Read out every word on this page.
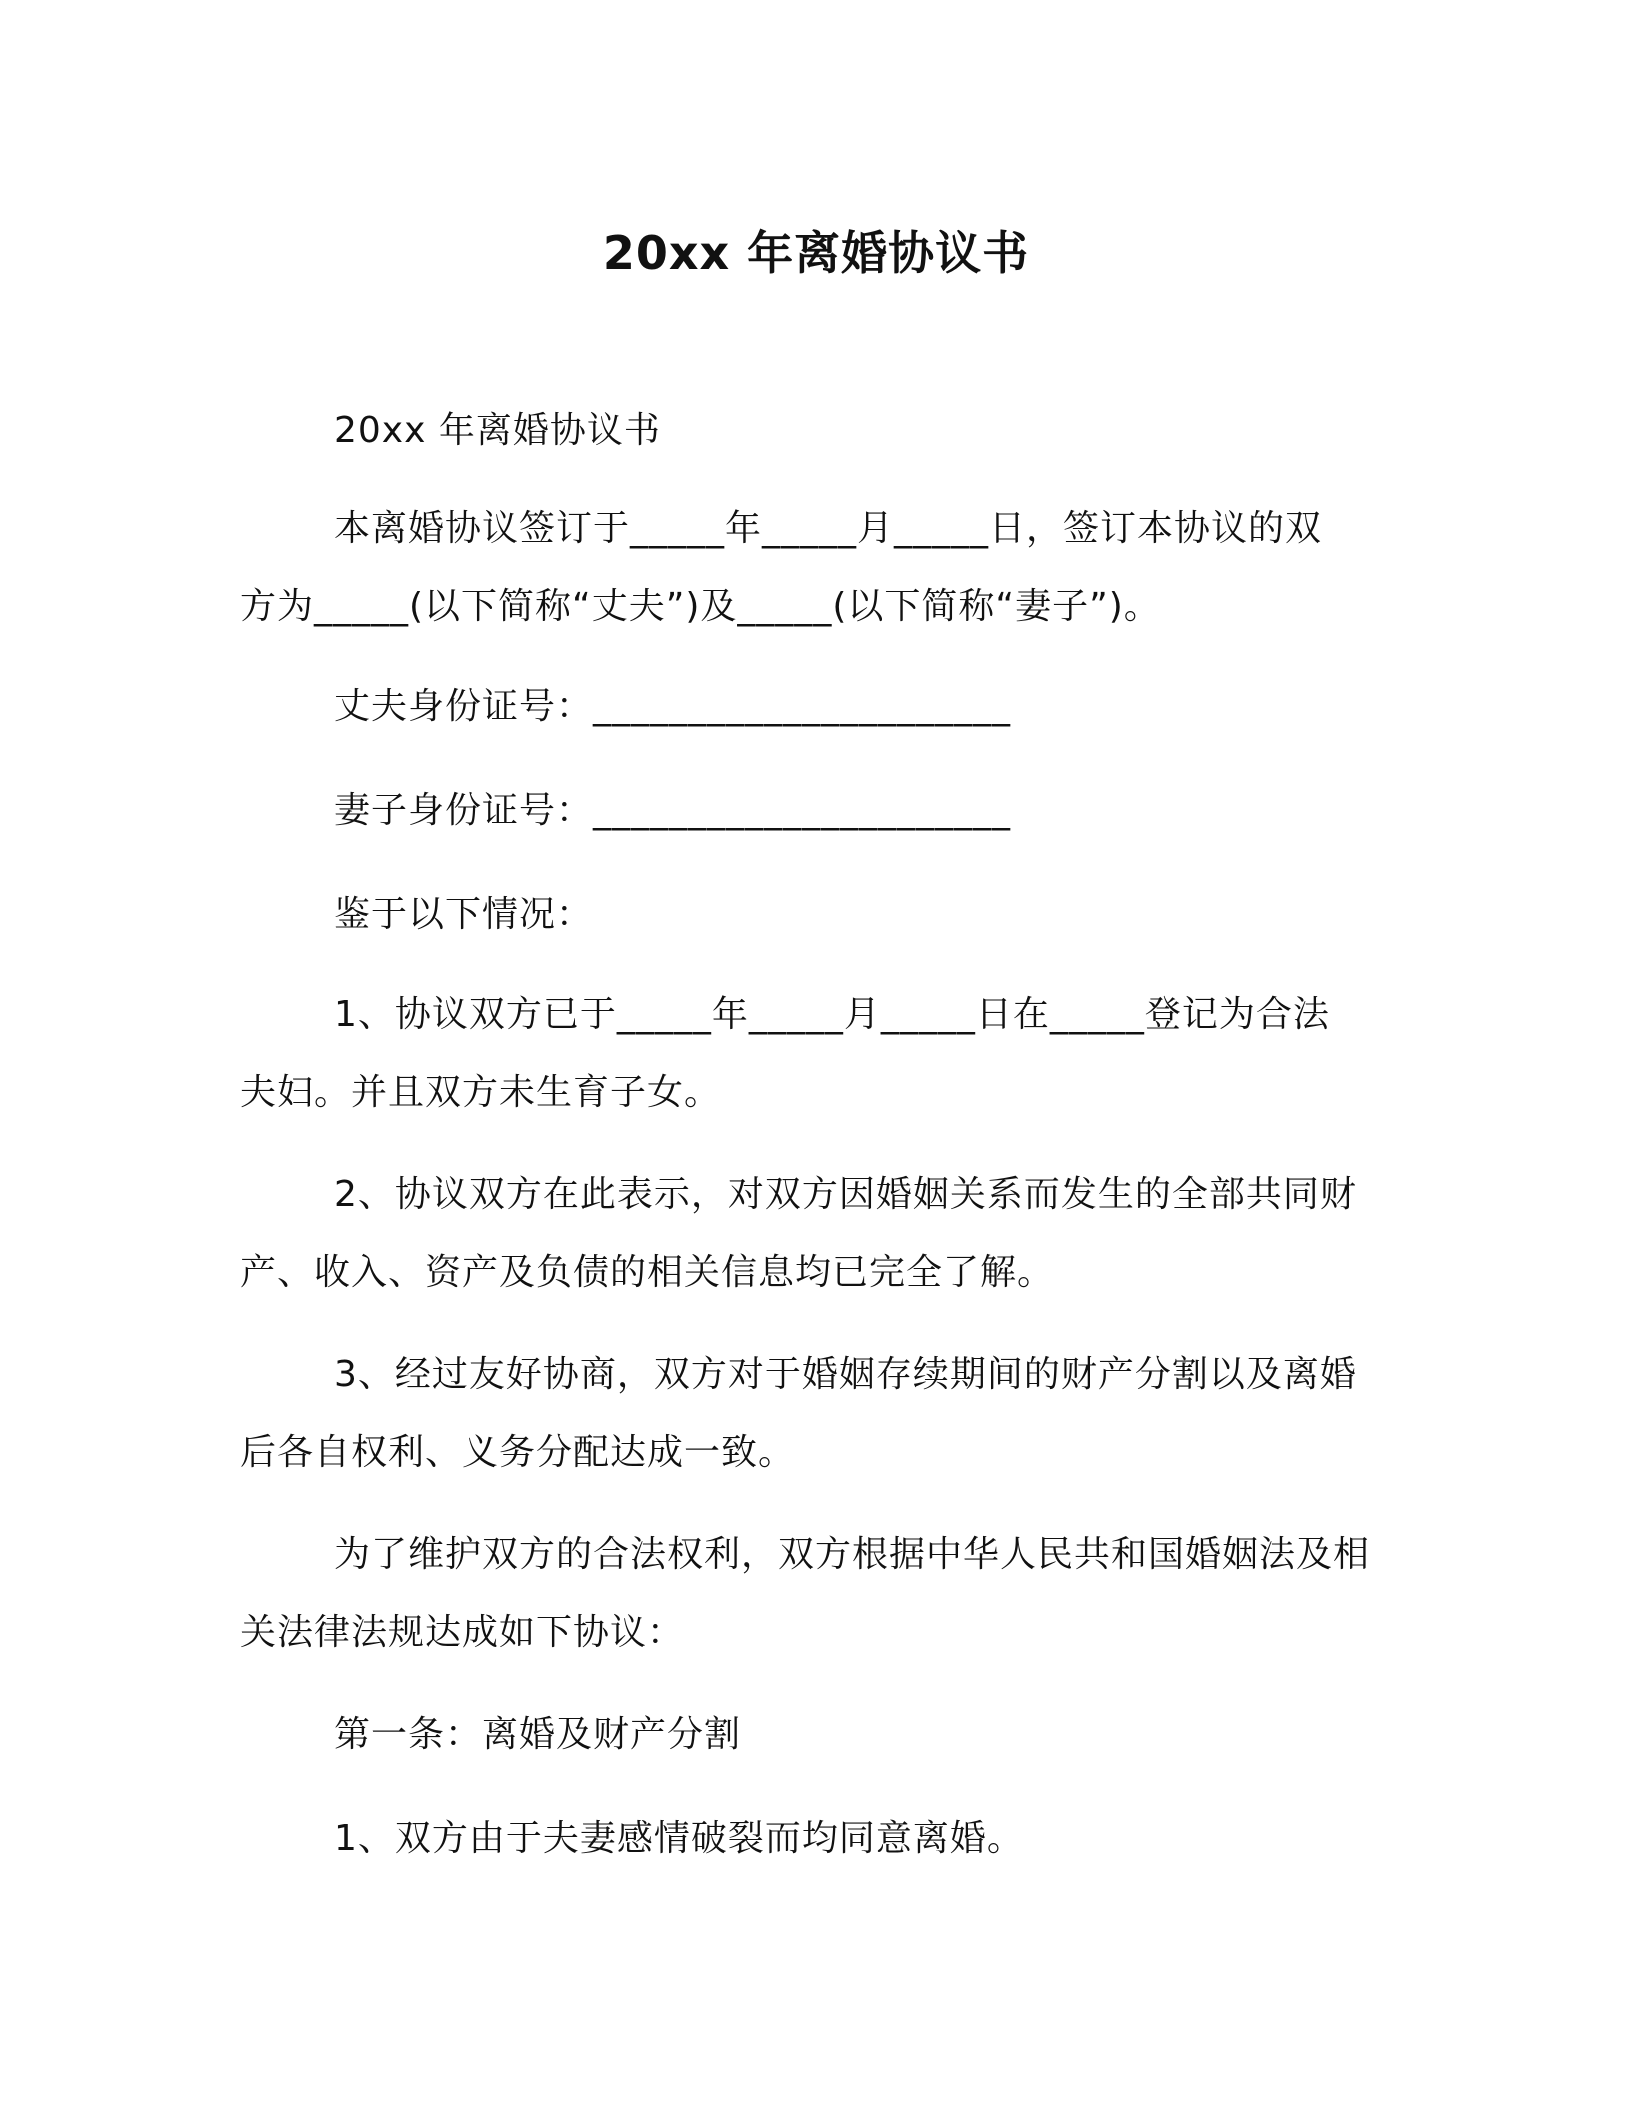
20xx 年离婚协议书
20xx 年离婚协议书
本离婚协议签订于_____年_____月_____日，签订本协议的双
方为_____(以下简称“丈夫”)及_____(以下简称“妻子”)。
丈夫身份证号：______________________
妻子身份证号：______________________
鉴于以下情况：
1、协议双方已于_____年_____月_____日在_____登记为合法
夫妇。并且双方未生育子女。
2、协议双方在此表示，对双方因婚姻关系而发生的全部共同财
产、收入、资产及负债的相关信息均已完全了解。
3、经过友好协商，双方对于婚姻存续期间的财产分割以及离婚
后各自权利、义务分配达成一致。
为了维护双方的合法权利，双方根据中华人民共和国婚姻法及相
关法律法规达成如下协议：
第一条：离婚及财产分割
1、双方由于夫妻感情破裂而均同意离婚。
